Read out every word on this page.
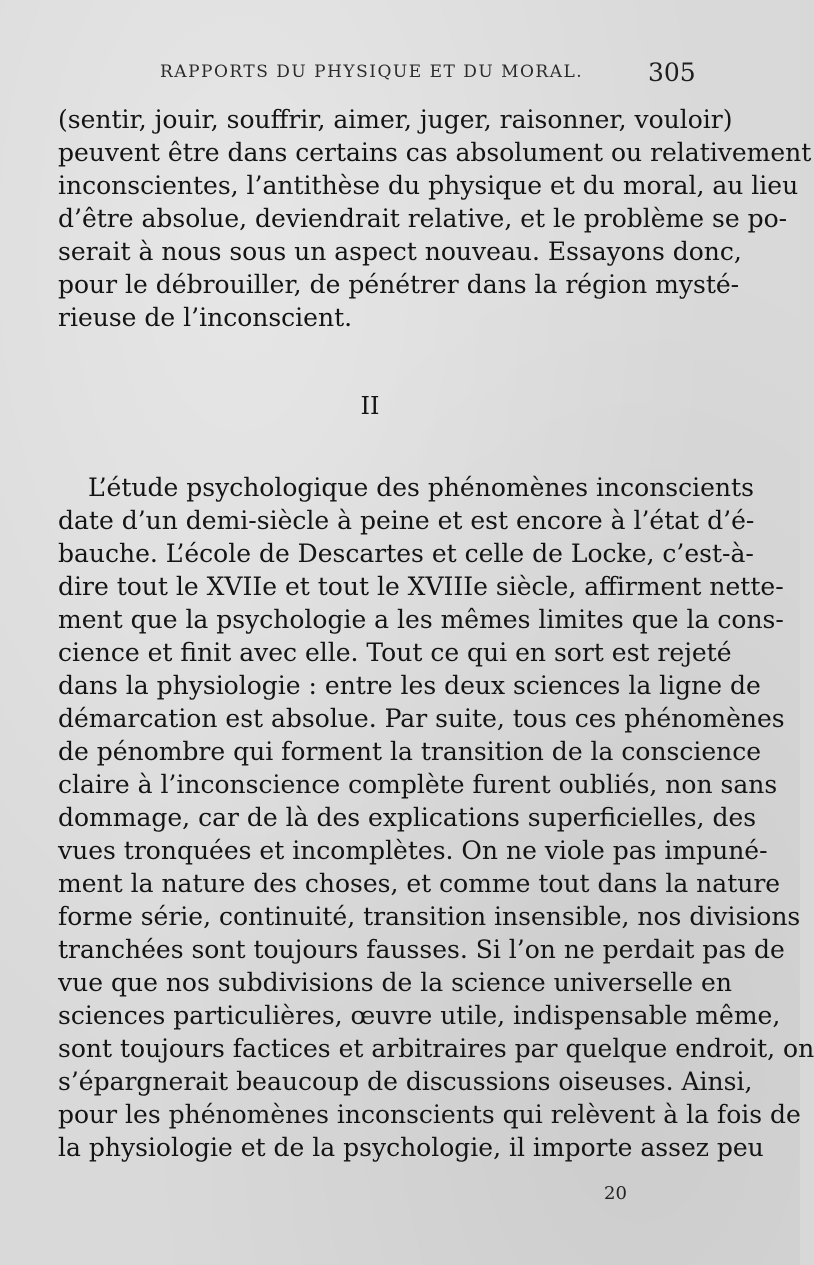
RAPPORTS DU PHYSIQUE ET DU MORAL.	305
(sentir, jouir, souffrir, aimer, juger, raisonner, vouloir)
peuvent être dans certains cas absolument ou relativement
inconscientes, l’antithèse du physique et du moral, au lieu
d’être absolue, deviendrait relative, et le problème se po-
serait à nous sous un aspect nouveau. Essayons donc,
pour le débrouiller, de pénétrer dans la région mysté-
rieuse de l’inconscient.
II
L’étude psychologique des phénomènes inconscients
date d’un demi-siècle à peine et est encore à l’état d’é-
bauche. L’école de Descartes et celle de Locke, c’est-à-
dire tout le XVIIe et tout le XVIIIe siècle, affirment nette-
ment que la psychologie a les mêmes limites que la cons-
cience et finit avec elle. Tout ce qui en sort est rejeté
dans la physiologie : entre les deux sciences la ligne de
démarcation est absolue. Par suite, tous ces phénomènes
de pénombre qui forment la transition de la conscience
claire à l’inconscience complète furent oubliés, non sans
dommage, car de là des explications superficielles, des
vues tronquées et incomplètes. On ne viole pas impuné-
ment la nature des choses, et comme tout dans la nature
forme série, continuité, transition insensible, nos divisions
tranchées sont toujours fausses. Si l’on ne perdait pas de
vue que nos subdivisions de la science universelle en
sciences particulières, œuvre utile, indispensable même,
sont toujours factices et arbitraires par quelque endroit, on
s’épargnerait beaucoup de discussions oiseuses. Ainsi,
pour les phénomènes inconscients qui relèvent à la fois de
la physiologie et de la psychologie, il importe assez peu
20
